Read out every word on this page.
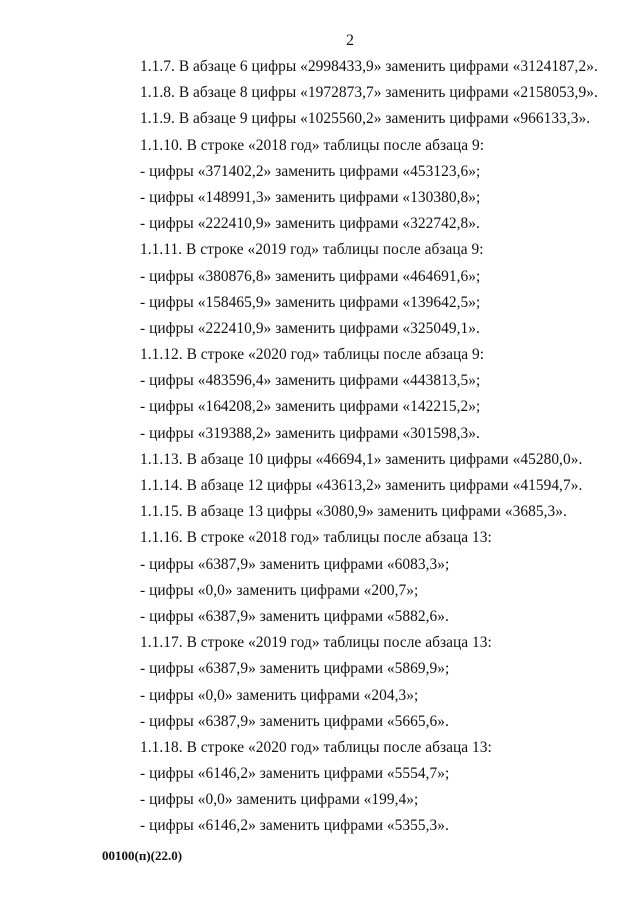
2
1.1.7. В абзаце 6 цифры «2998433,9» заменить цифрами «3124187,2».
1.1.8. В абзаце 8 цифры «1972873,7» заменить цифрами «2158053,9».
1.1.9. В абзаце 9 цифры «1025560,2» заменить цифрами «966133,3».
1.1.10. В строке «2018 год» таблицы после абзаца 9:
- цифры «371402,2» заменить цифрами «453123,6»;
- цифры «148991,3» заменить цифрами «130380,8»;
- цифры «222410,9» заменить цифрами «322742,8».
1.1.11. В строке «2019 год» таблицы после абзаца 9:
- цифры «380876,8» заменить цифрами «464691,6»;
- цифры «158465,9» заменить цифрами «139642,5»;
- цифры «222410,9» заменить цифрами «325049,1».
1.1.12. В строке «2020 год» таблицы после абзаца 9:
- цифры «483596,4» заменить цифрами «443813,5»;
- цифры «164208,2» заменить цифрами «142215,2»;
- цифры «319388,2» заменить цифрами «301598,3».
1.1.13. В абзаце 10 цифры «46694,1» заменить цифрами «45280,0».
1.1.14. В абзаце 12 цифры «43613,2» заменить цифрами «41594,7».
1.1.15. В абзаце 13 цифры «3080,9» заменить цифрами «3685,3».
1.1.16. В строке «2018 год» таблицы после абзаца 13:
- цифры «6387,9» заменить цифрами «6083,3»;
- цифры «0,0» заменить цифрами «200,7»;
- цифры «6387,9» заменить цифрами «5882,6».
1.1.17. В строке «2019 год» таблицы после абзаца 13:
- цифры «6387,9» заменить цифрами «5869,9»;
- цифры «0,0» заменить цифрами «204,3»;
- цифры «6387,9» заменить цифрами «5665,6».
1.1.18. В строке «2020 год» таблицы после абзаца 13:
- цифры «6146,2» заменить цифрами «5554,7»;
- цифры «0,0» заменить цифрами «199,4»;
- цифры «6146,2» заменить цифрами «5355,3».
00100(п)(22.0)
